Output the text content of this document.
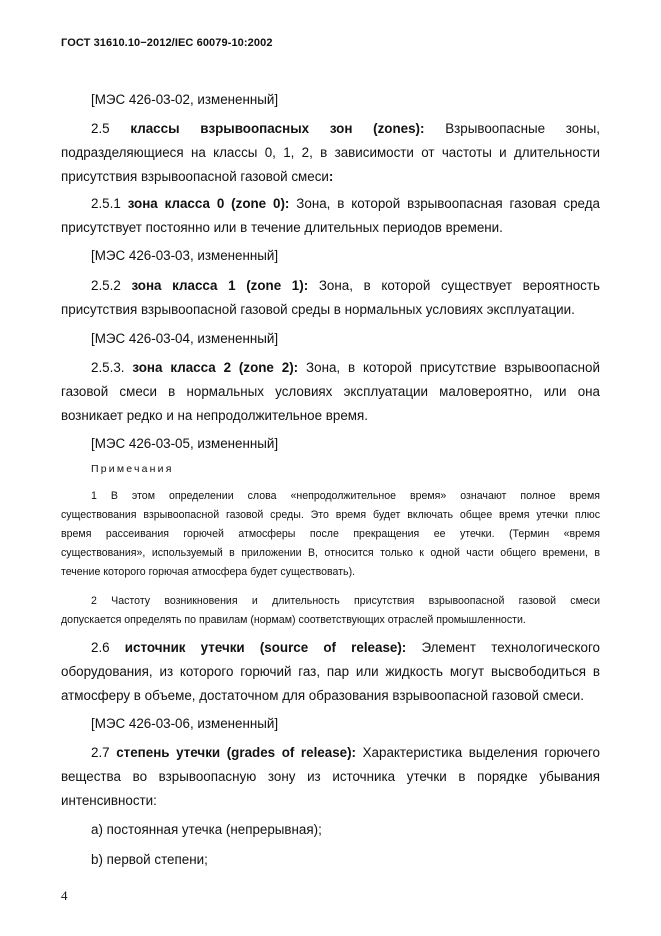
ГОСТ 31610.10−2012/IEC 60079-10:2002

[МЭС 426-03-02, измененный]

2.5 классы взрывоопасных зон (zones): Взрывоопасные зоны,

подразделяющиеся на классы 0, 1, 2, в зависимости от частоты и длительности
присутствия взрывоопасной газовой смеси:

2.5.1 зона класса 0 (zone 0): Зона, в которой взрывоопасная газовая среда

присутствует постоянно или в течение длительных периодов времени.

[МЭС 426-03-03, измененный]

2.5.2 зона класса 1 (zone 1): Зона, в которой существует вероятность

присутствия взрывоопасной газовой среды в нормальных условиях эксплуатации.

[МЭС 426-03-04, измененный]

2.5.3. зона класса 2 (zone 2): Зона, в которой присутствие взрывоопасной

газовой смеси в нормальных условиях эксплуатации маловероятно, или она
возникает редко и на непродолжительное время.

[МЭС 426-03-05, измененный]

Примечания

1 В этом определении слова «непродолжительное время» означают полное время
существования взрывоопасной газовой среды. Это время будет включать общее время утечки плюс
время рассеивания горючей атмосферы после прекращения ее утечки. (Термин «время
существования», используемый в приложении В, относится только к одной части общего времени, в
течение которого горючая атмосфера будет существовать).

2 Частоту возникновения и длительность присутствия взрывоопасной газовой смеси
допускается определять по правилам (нормам) соответствующих отраслей промышленности.

2.6 источник утечки (source of release): Элемент технологического

оборудования, из которого горючий газ, пар или жидкость могут высвободиться в
атмосферу в объеме, достаточном для образования взрывоопасной газовой смеси.

[МЭС 426-03-06, измененный]

2.7 степень утечки (grades of release): Характеристика выделения горючего

вещества во взрывоопасную зону из источника утечки в порядке убывания
интенсивности:

a) постоянная утечка (непрерывная);

b) первой степени;

4
